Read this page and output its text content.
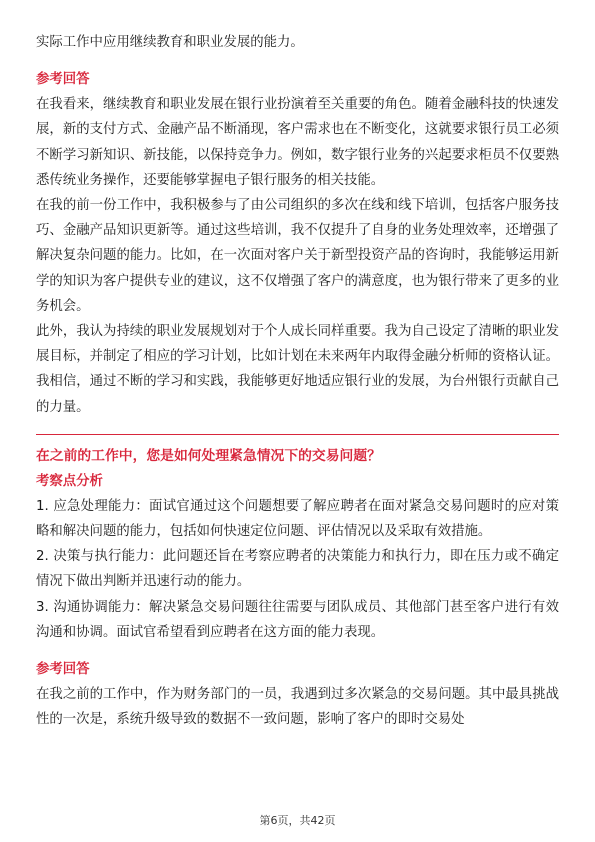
实际工作中应用继续教育和职业发展的能力。

参考回答

在我看来，继续教育和职业发展在银行业扮演着至关重要的角色。随着金融科技的快速发展，新的支付方式、金融产品不断涌现，客户需求也在不断变化，这就要求银行员工必须不断学习新知识、新技能，以保持竞争力。例如，数字银行业务的兴起要求柜员不仅要熟悉传统业务操作，还要能够掌握电子银行服务的相关技能。

在我的前一份工作中，我积极参与了由公司组织的多次在线和线下培训，包括客户服务技巧、金融产品知识更新等。通过这些培训，我不仅提升了自身的业务处理效率，还增强了解决复杂问题的能力。比如，在一次面对客户关于新型投资产品的咨询时，我能够运用新学的知识为客户提供专业的建议，这不仅增强了客户的满意度，也为银行带来了更多的业务机会。

此外，我认为持续的职业发展规划对于个人成长同样重要。我为自己设定了清晰的职业发展目标，并制定了相应的学习计划，比如计划在未来两年内取得金融分析师的资格认证。我相信，通过不断的学习和实践，我能够更好地适应银行业的发展，为台州银行贡献自己的力量。

在之前的工作中，您是如何处理紧急情况下的交易问题？
考察点分析

1. 应急处理能力：面试官通过这个问题想要了解应聘者在面对紧急交易问题时的应对策略和解决问题的能力，包括如何快速定位问题、评估情况以及采取有效措施。

2. 决策与执行能力：此问题还旨在考察应聘者的决策能力和执行力，即在压力或不确定情况下做出判断并迅速行动的能力。

3. 沟通协调能力：解决紧急交易问题往往需要与团队成员、其他部门甚至客户进行有效沟通和协调。面试官希望看到应聘者在这方面的能力表现。

参考回答

在我之前的工作中，作为财务部门的一员，我遇到过多次紧急的交易问题。其中最具挑战性的一次是，系统升级导致的数据不一致问题，影响了客户的即时交易处

第6页，共42页
